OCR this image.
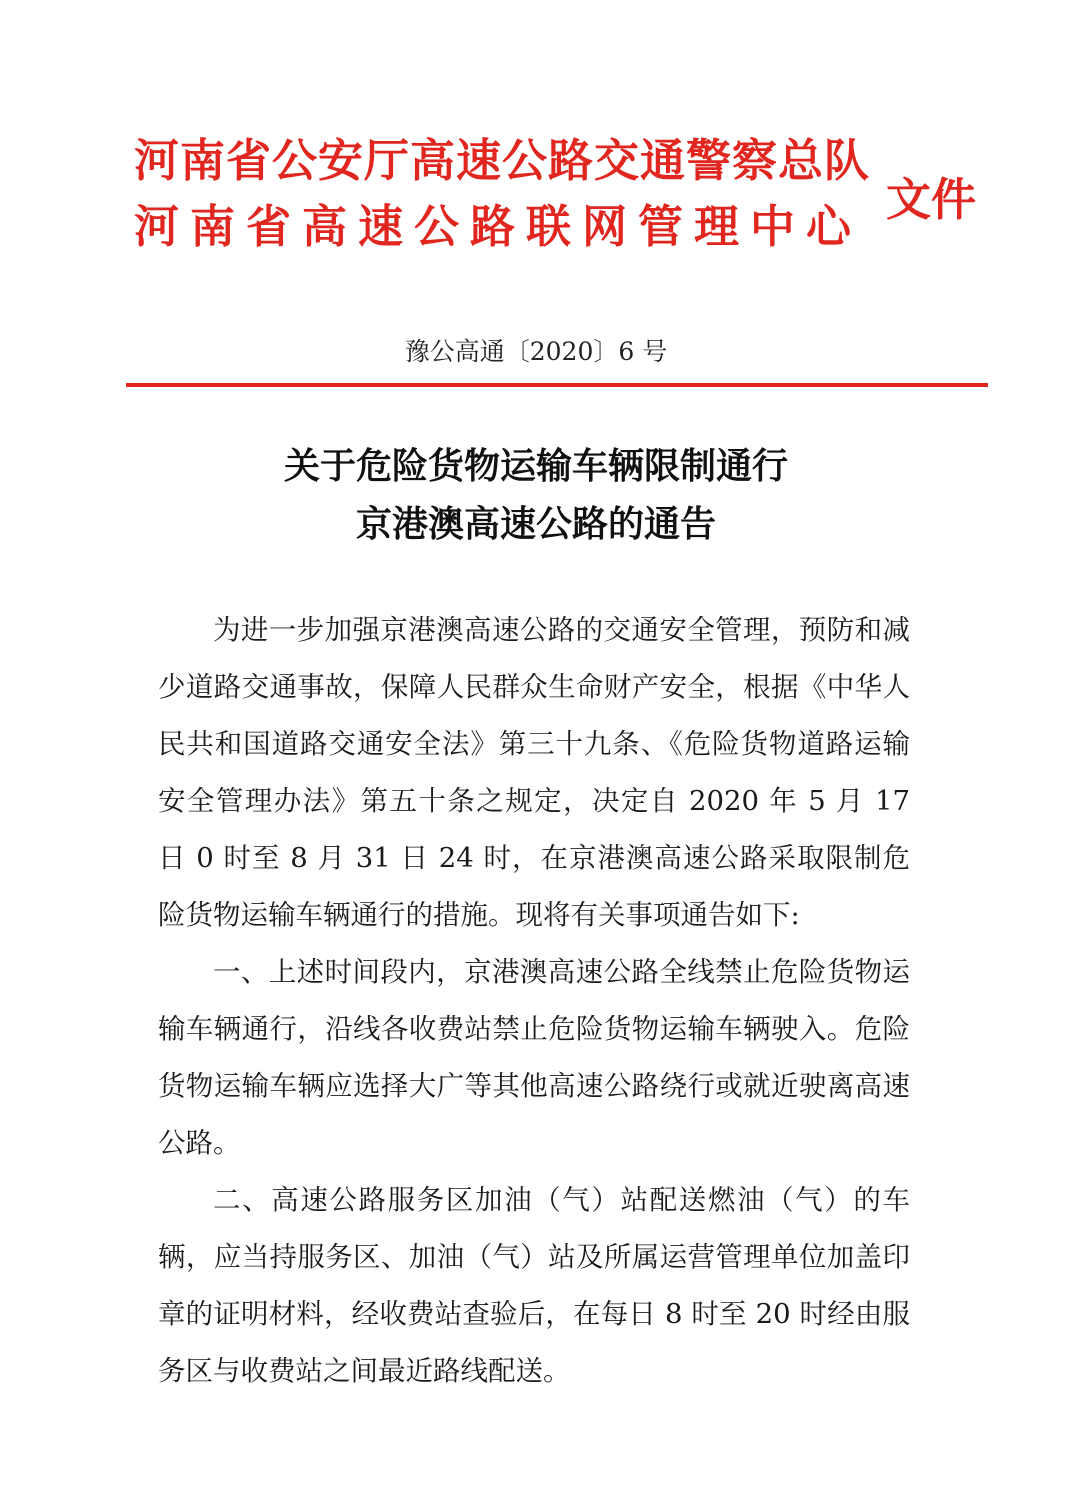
河南省公安厅高速公路交通警察总队
河南省高速公路联网管理中心
文件
豫公高通〔2020〕6 号
关于危险货物运输车辆限制通行
京港澳高速公路的通告

为进一步加强京港澳高速公路的交通安全管理，预防和减少道路交通事故，保障人民群众生命财产安全，根据《中华人民共和国道路交通安全法》第三十九条、《危险货物道路运输安全管理办法》第五十条之规定，决定自 2020 年 5 月 17 日 0 时至 8 月 31 日 24 时，在京港澳高速公路采取限制危险货物运输车辆通行的措施。现将有关事项通告如下:

一、上述时间段内，京港澳高速公路全线禁止危险货物运输车辆通行，沿线各收费站禁止危险货物运输车辆驶入。危险货物运输车辆应选择大广等其他高速公路绕行或就近驶离高速公路。

二、高速公路服务区加油（气）站配送燃油（气）的车辆，应当持服务区、加油（气）站及所属运营管理单位加盖印章的证明材料，经收费站查验后，在每日 8 时至 20 时经由服务区与收费站之间最近路线配送。
